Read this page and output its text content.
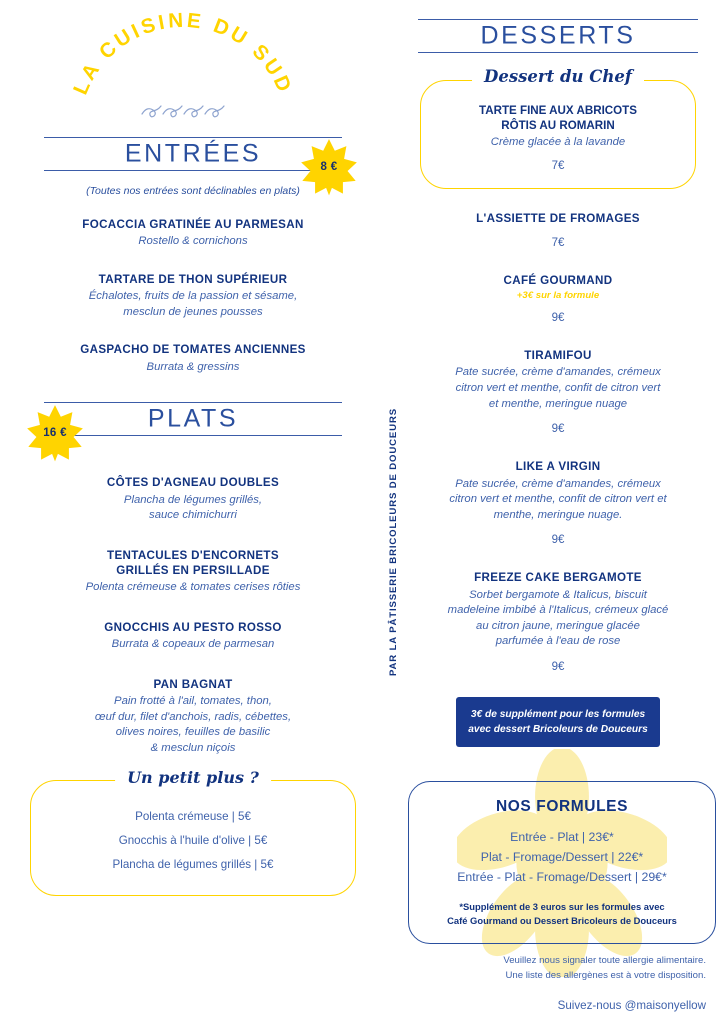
LA CUISINE DU SUD
ENTRÉES	8 €
(Toutes nos entrées sont déclinables en plats)
FOCACCIA GRATINÉE AU PARMESAN
Rostello & cornichons
TARTARE DE THON SUPÉRIEUR
Échalotes, fruits de la passion et sésame,
mesclun de jeunes pousses
GASPACHO DE TOMATES ANCIENNES
Burrata & gressins
PLATS
16 €
CÔTES D'AGNEAU DOUBLES
Plancha de légumes grillés,
sauce chimichurri
TENTACULES D'ENCORNETS
GRILLÉS EN PERSILLADE
Polenta crémeuse & tomates cerises rôties
GNOCCHIS AU PESTO ROSSO
Burrata & copeaux de parmesan
PAN BAGNAT
Pain frotté à l'ail, tomates, thon,
œuf dur, filet d'anchois, radis, cébettes,
olives noires, feuilles de basilic
& mesclun niçois
Un petit plus ?
Polenta crémeuse | 5€
Gnocchis à l'huile d'olive | 5€
Plancha de légumes grillés | 5€
PAR LA PÂTISSERIE BRICOLEURS DE DOUCEURS
DESSERTS
Dessert du Chef
TARTE FINE AUX ABRICOTS
RÔTIS AU ROMARIN
Crème glacée à la lavande
7€
L'ASSIETTE DE FROMAGES
7€
CAFÉ GOURMAND
+3€ sur la formule
9€
TIRAMIFOU
Pate sucrée, crème d'amandes, crémeux
citron vert et menthe, confit de citron vert
et menthe, meringue nuage
9€
LIKE A VIRGIN
Pate sucrée, crème d'amandes, crémeux
citron vert et menthe, confit de citron vert et
menthe, meringue nuage.
9€
FREEZE CAKE BERGAMOTE
Sorbet bergamote & Italicus, biscuit
madeleine imbibé à l'Italicus, crémeux glacé
au citron jaune, meringue glacée
parfumée à l'eau de rose
9€
3€ de supplément pour les formules
avec dessert Bricoleurs de Douceurs
NOS FORMULES
Entrée - Plat | 23€*
Plat - Fromage/Dessert | 22€*
Entrée - Plat - Fromage/Dessert | 29€*
*Supplément de 3 euros sur les formules avec
Café Gourmand ou Dessert Bricoleurs de Douceurs
Veuillez nous signaler toute allergie alimentaire.
Une liste des allergènes est à votre disposition.
Suivez-nous @maisonyellow
